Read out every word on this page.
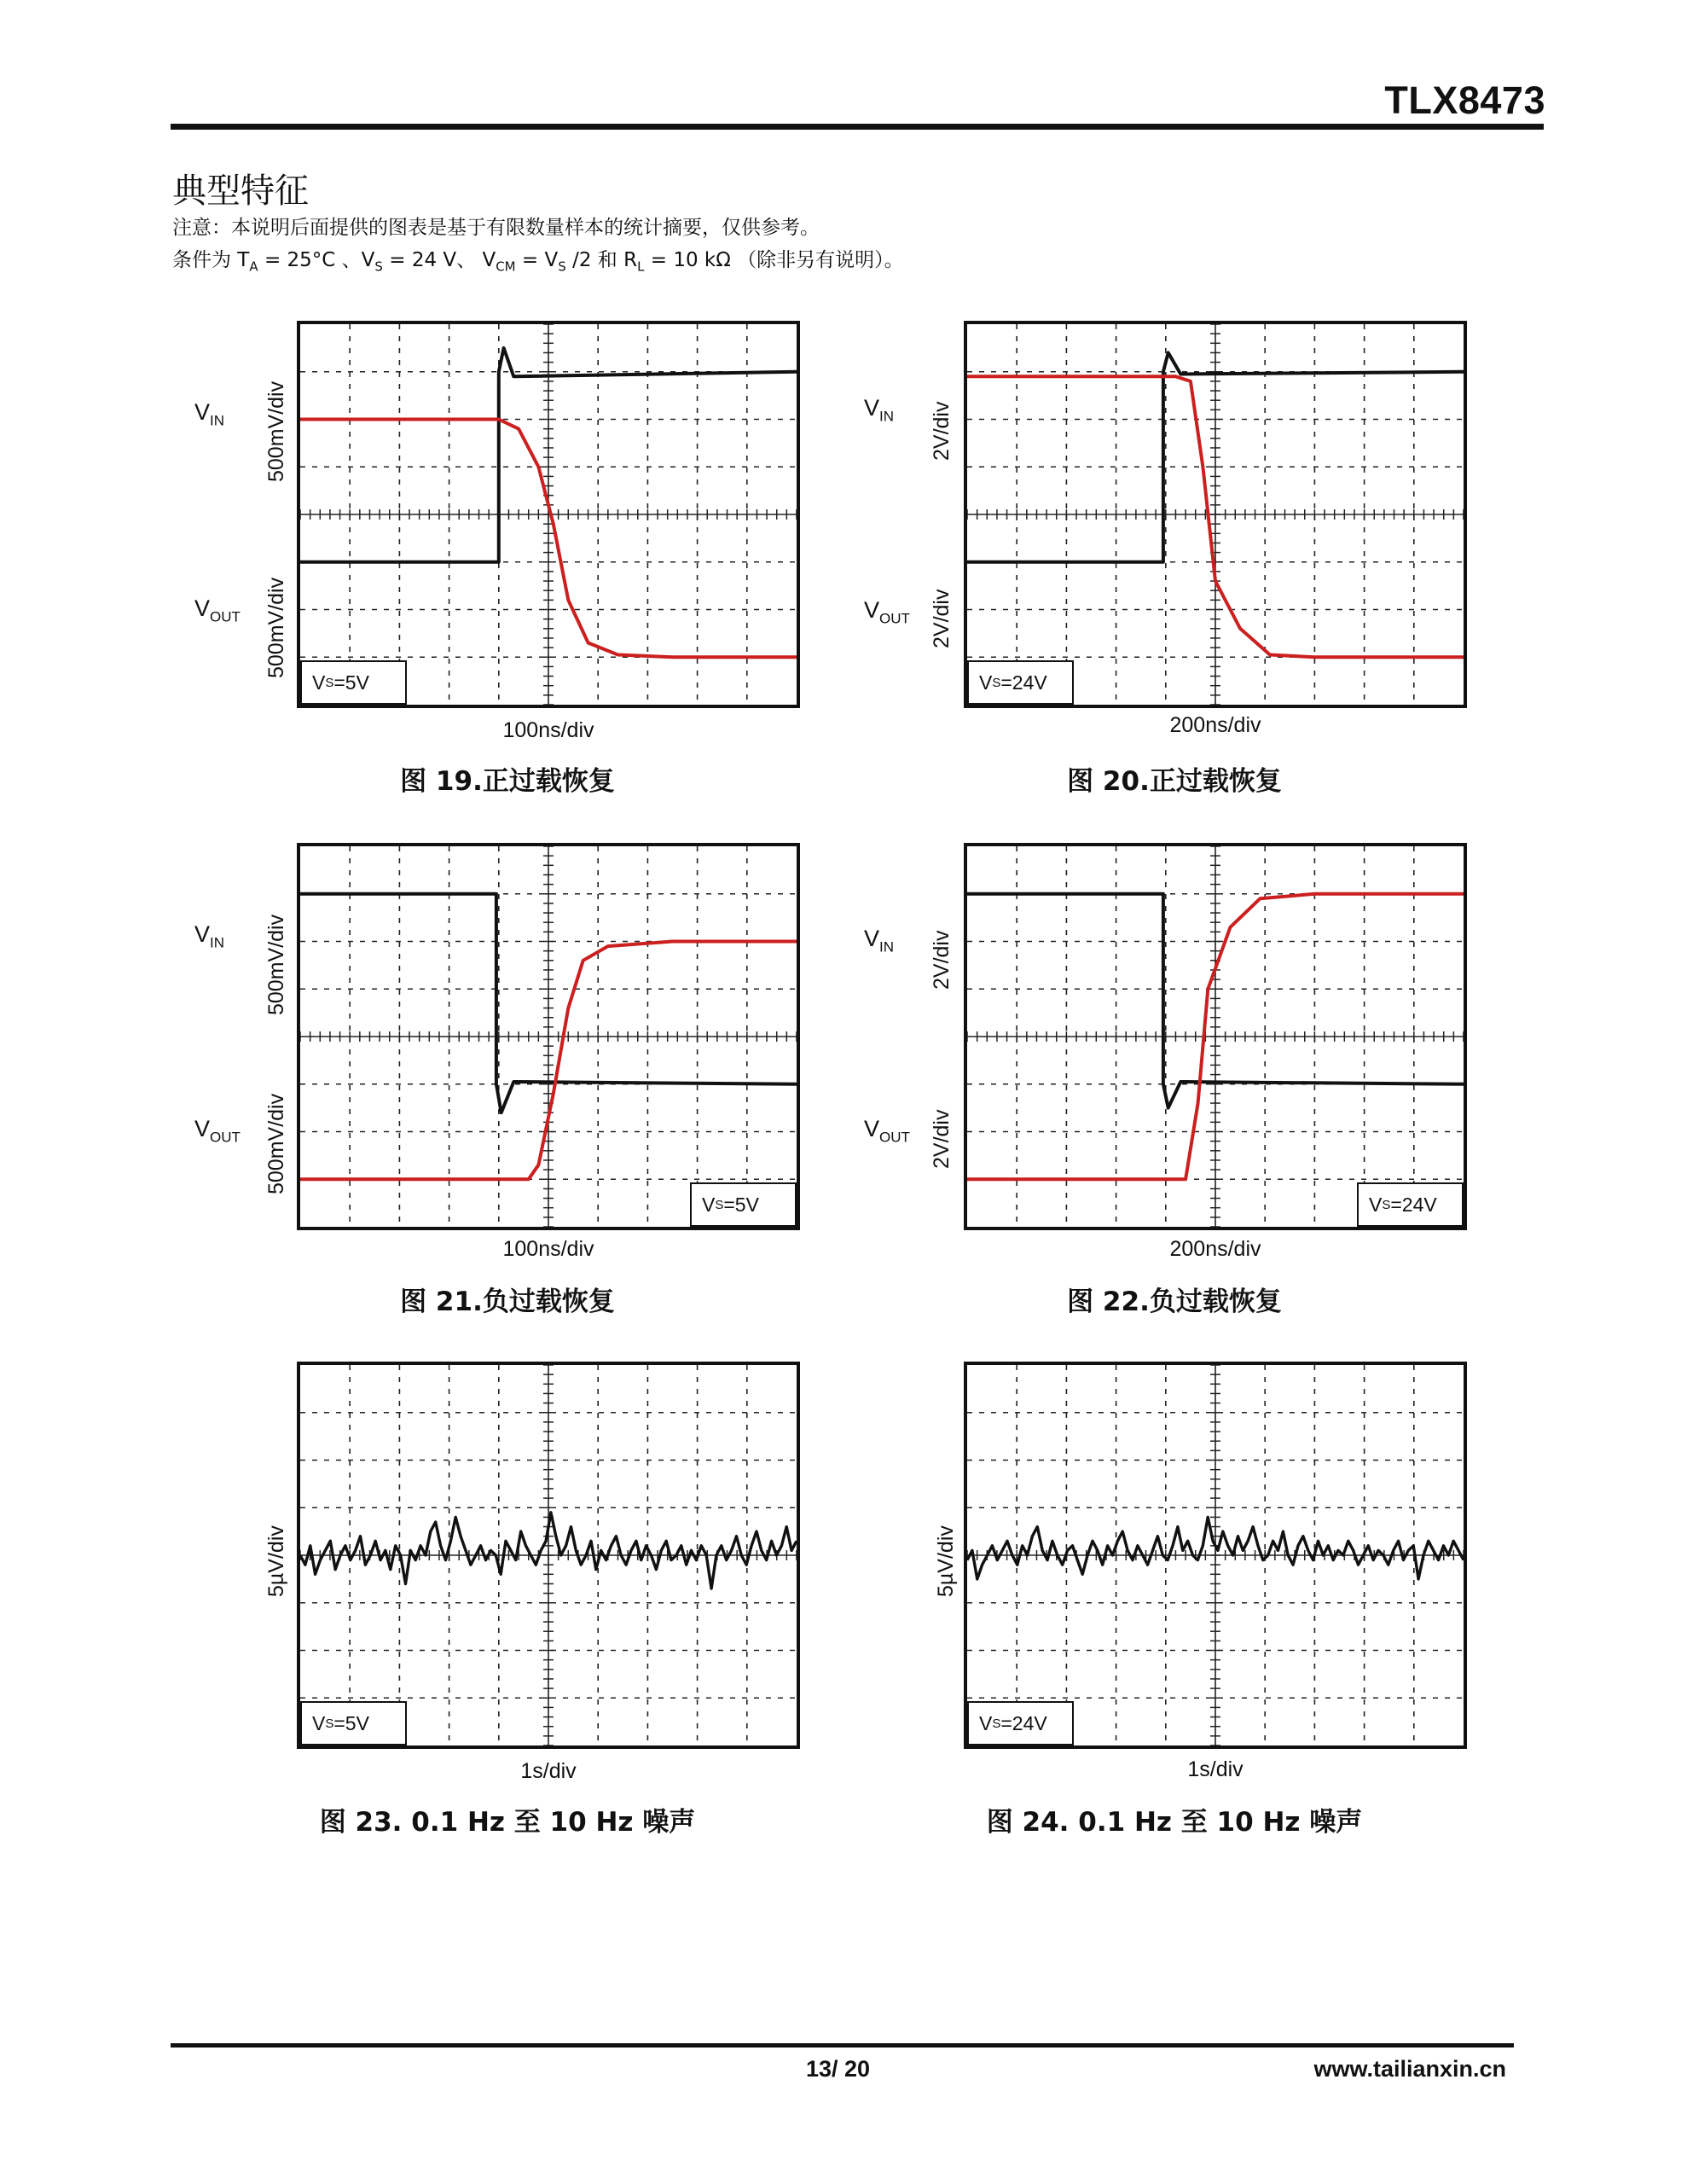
TLX8473
典型特征
注意：本说明后面提供的图表是基于有限数量样本的统计摘要，仅供参考。
条件为 $T_A = 25^\circ C$ 、$V_S = 24$ V、 $V_{CM} = V_S$ /2 和 $R_L = 10$ kΩ （除非另有说明）。
V S =5V
$V_{IN}$
$V_{OUT}$
500mV/div
500mV/div
100ns/div
图 19.正过载恢复
V S =24V
$V_{IN}$
$V_{OUT}$
2V/div
2V/div
200ns/div
图 20.正过载恢复
V S =5V
$V_{IN}$
$V_{OUT}$
500mV/div
500mV/div
100ns/div
图 21.负过载恢复
V S =24V
$V_{IN}$
$V_{OUT}$
2V/div
2V/div
200ns/div
图 22.负过载恢复
V S =5V
5µV/div
1s/div
图 23. 0.1 Hz 至 10 Hz 噪声
V S =24V
5µV/div
1s/div
图 24. 0.1 Hz 至 10 Hz 噪声
13/ 20	www.tailianxin.cn
